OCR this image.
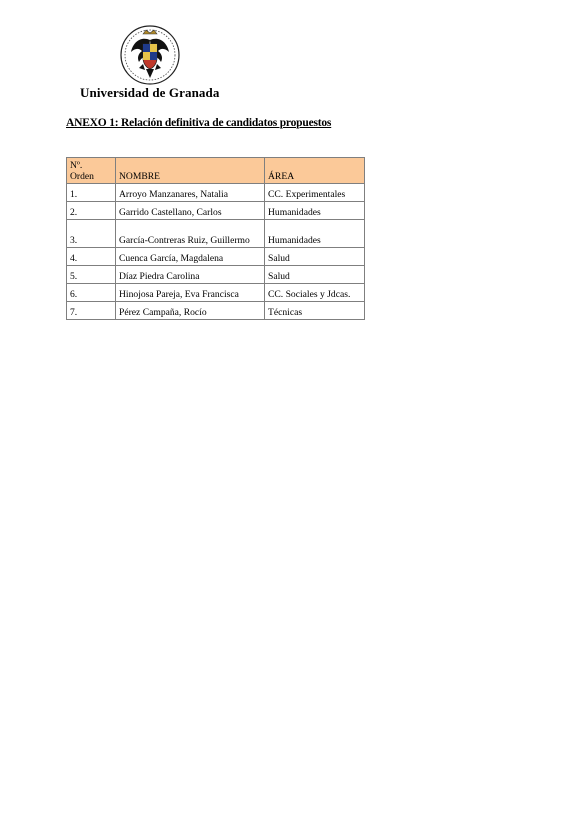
Universidad de Granada
ANEXO 1: Relación definitiva de candidatos propuestos
Nº.
Orden	NOMBRE	ÁREA
1.	Arroyo Manzanares, Natalia	CC. Experimentales
2.	Garrido Castellano, Carlos	Humanidades
3.	García-Contreras Ruiz, Guillermo	Humanidades
4.	Cuenca García, Magdalena	Salud
5.	Díaz Piedra Carolina	Salud
6.	Hinojosa Pareja, Eva Francisca	CC. Sociales y Jdcas.
7.	Pérez Campaña, Rocío	Técnicas
